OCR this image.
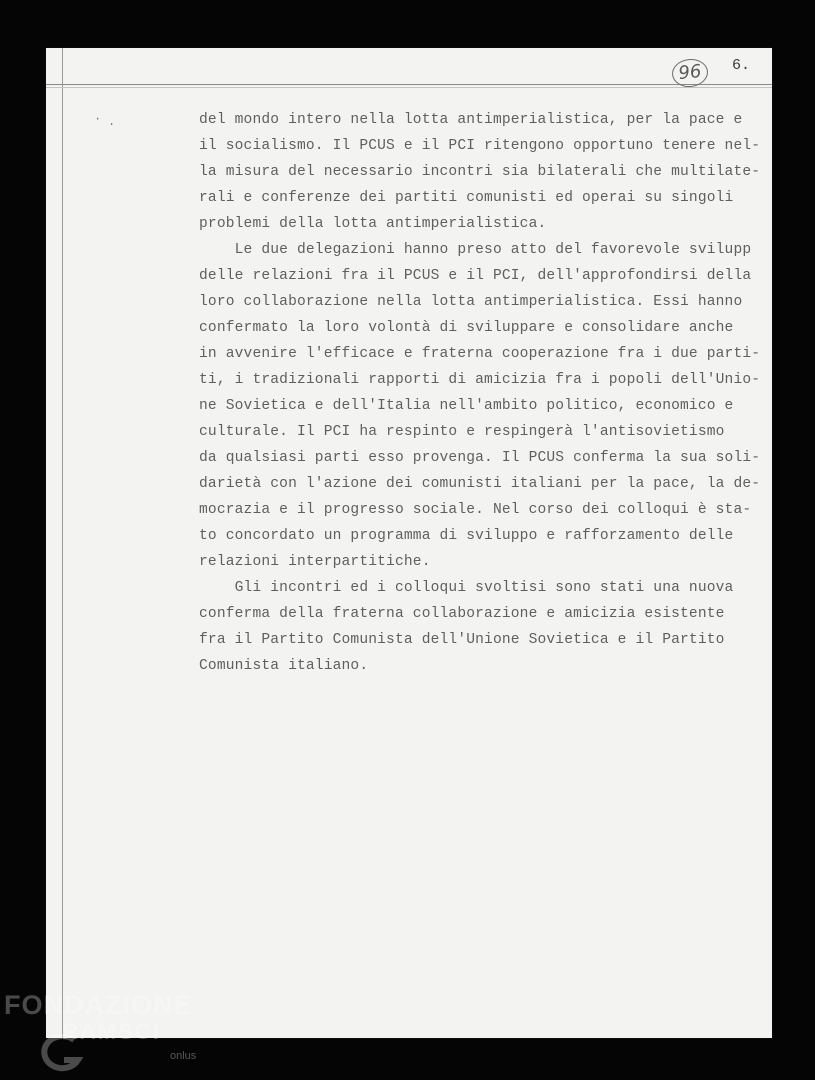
96	6.
· .	del mondo intero nella lotta antimperialistica, per la pace e
il socialismo. Il PCUS e il PCI ritengono opportuno tenere nel-
la misura del necessario incontri sia bilaterali che multilate-
rali e conferenze dei partiti comunisti ed operai su singoli
problemi della lotta antimperialistica.
Le due delegazioni hanno preso atto del favorevole svilupp
delle relazioni fra il PCUS e il PCI, dell'approfondirsi della
loro collaborazione nella lotta antimperialistica. Essi hanno
confermato la loro volontà di sviluppare e consolidare anche
in avvenire l'efficace e fraterna cooperazione fra i due parti-
ti, i tradizionali rapporti di amicizia fra i popoli dell'Unio-
ne Sovietica e dell'Italia nell'ambito politico, economico e
culturale. Il PCI ha respinto e respingerà l'antisovietismo
da qualsiasi parti esso provenga. Il PCUS conferma la sua soli-
darietà con l'azione dei comunisti italiani per la pace, la de-
mocrazia e il progresso sociale. Nel corso dei colloqui è sta-
to concordato un programma di sviluppo e rafforzamento delle
relazioni interpartitiche.
Gli incontri ed i colloqui svoltisi sono stati una nuova
conferma della fraterna collaborazione e amicizia esistente
fra il Partito Comunista dell'Unione Sovietica e il Partito
Comunista italiano.
FONDAZIONE
RAMSCI
onlus
